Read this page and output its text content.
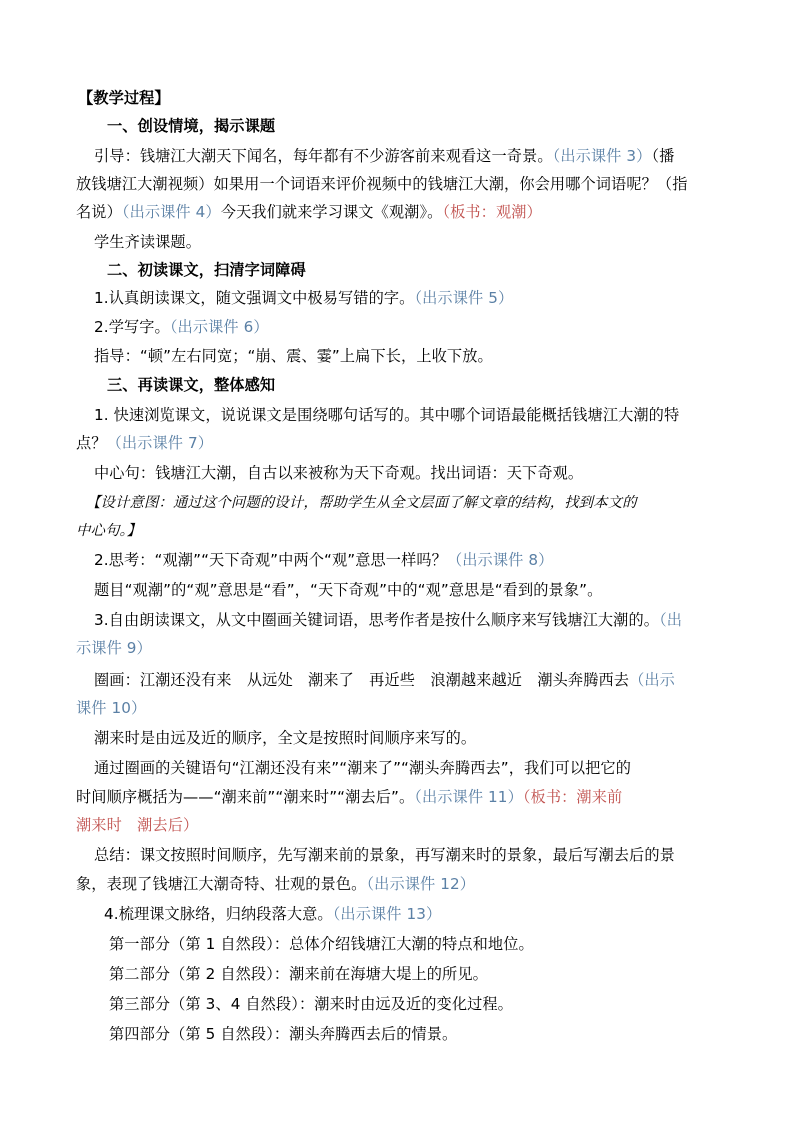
【教学过程】
一、创设情境，揭示课题
引导：钱塘江大潮天下闻名，每年都有不少游客前来观看这一奇景。（出示课件 3）（播
放钱塘江大潮视频）如果用一个词语来评价视频中的钱塘江大潮，你会用哪个词语呢？（指
名说）（出示课件 4）今天我们就来学习课文《观潮》。（板书：观潮）
学生齐读课题。
二、初读课文，扫清字词障碍
1.认真朗读课文，随文强调文中极易写错的字。（出示课件 5）
2.学写字。（出示课件 6）
指导：“顿”左右同宽；“崩、震、霎”上扁下长，上收下放。
三、再读课文，整体感知
1. 快速浏览课文，说说课文是围绕哪句话写的。其中哪个词语最能概括钱塘江大潮的特
点？（出示课件 7）
中心句：钱塘江大潮，自古以来被称为天下奇观。找出词语：天下奇观。
【设计意图：通过这个问题的设计，帮助学生从全文层面了解文章的结构，找到本文的
中心句。】
2.思考：“观潮”“天下奇观”中两个“观”意思一样吗？（出示课件 8）
题目“观潮”的“观”意思是“看”，“天下奇观”中的“观”意思是“看到的景象”。
3.自由朗读课文，从文中圈画关键词语，思考作者是按什么顺序来写钱塘江大潮的。（出
示课件 9）
圈画：江潮还没有来　从远处　潮来了　再近些　浪潮越来越近　潮头奔腾西去（出示
课件 10）
潮来时是由远及近的顺序，全文是按照时间顺序来写的。
通过圈画的关键语句“江潮还没有来”“潮来了”“潮头奔腾西去”，我们可以把它的
时间顺序概括为——“潮来前”“潮来时”“潮去后”。（出示课件 11）（板书：潮来前
潮来时　潮去后）
总结：课文按照时间顺序，先写潮来前的景象，再写潮来时的景象，最后写潮去后的景
象，表现了钱塘江大潮奇特、壮观的景色。（出示课件 12）
4.梳理课文脉络，归纳段落大意。（出示课件 13）
第一部分（第 1 自然段）：总体介绍钱塘江大潮的特点和地位。
第二部分（第 2 自然段）：潮来前在海塘大堤上的所见。
第三部分（第 3、4 自然段）：潮来时由远及近的变化过程。
第四部分（第 5 自然段）：潮头奔腾西去后的情景。
